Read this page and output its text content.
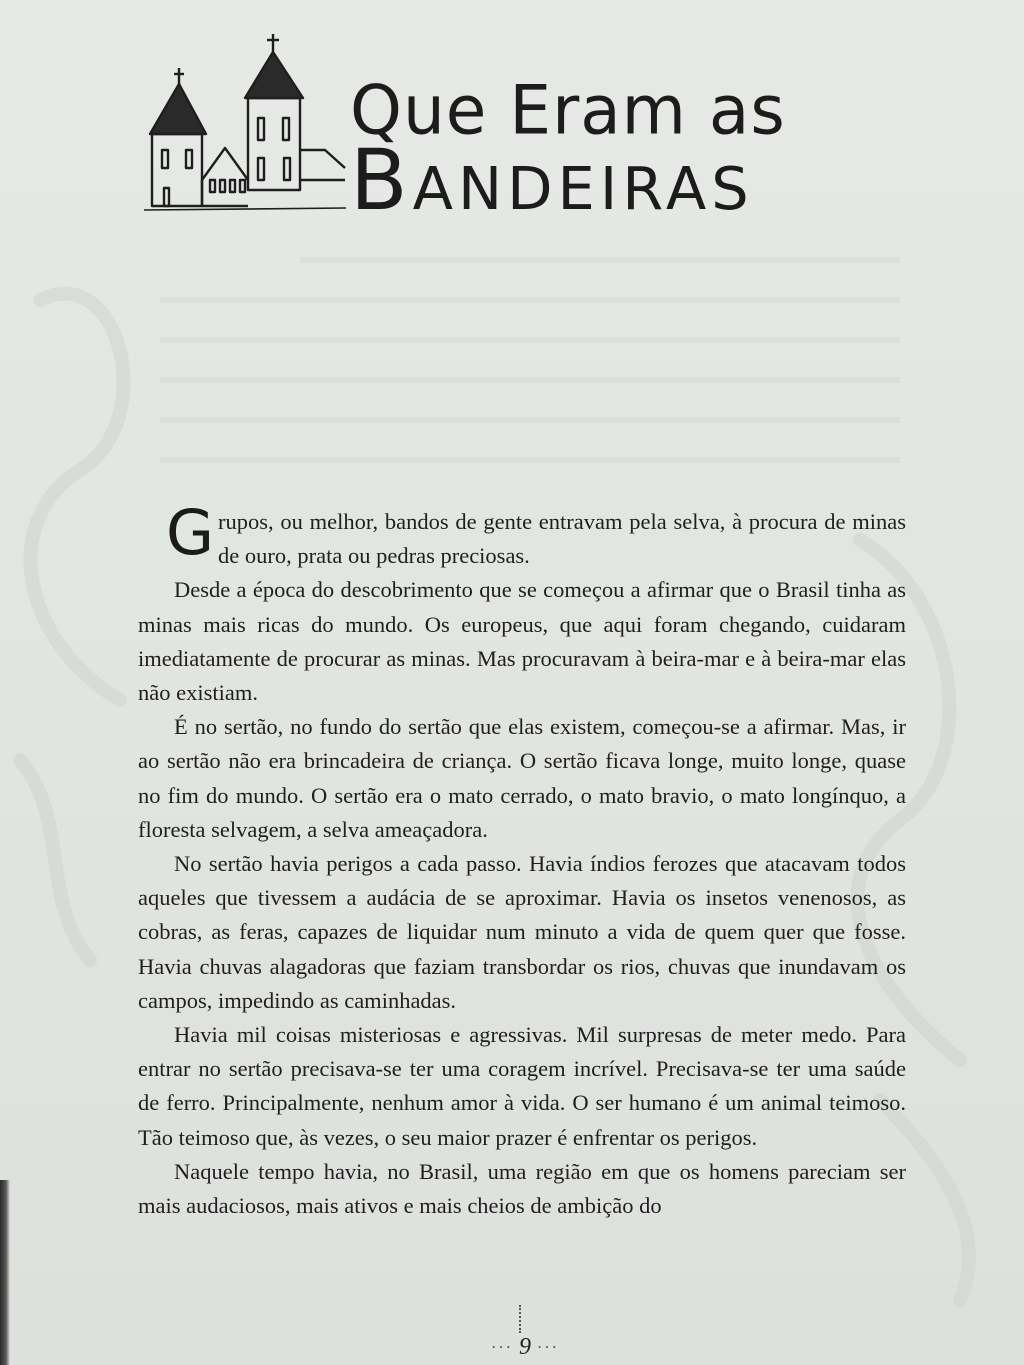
Que Eram as
Bandeiras

Grupos, ou melhor, bandos de gente entravam pela selva, à procura de minas de ouro, prata ou pedras preciosas.

Desde a época do descobrimento que se começou a afirmar que o Brasil tinha as minas mais ricas do mundo. Os europeus, que aqui foram chegando, cuidaram imediatamente de procurar as minas. Mas procuravam à beira-mar e à beira-mar elas não existiam.

É no sertão, no fundo do sertão que elas existem, começou-se a afirmar. Mas, ir ao sertão não era brincadeira de criança. O sertão ficava longe, muito longe, quase no fim do mundo. O sertão era o mato cerrado, o mato bravio, o mato longínquo, a floresta selvagem, a selva ameaçadora.

No sertão havia perigos a cada passo. Havia índios ferozes que atacavam todos aqueles que tivessem a audácia de se aproximar. Havia os insetos venenosos, as cobras, as feras, capazes de liquidar num minuto a vida de quem quer que fosse. Havia chuvas alagadoras que faziam transbordar os rios, chuvas que inundavam os campos, impedindo as caminhadas.

Havia mil coisas misteriosas e agressivas. Mil surpresas de meter medo. Para entrar no sertão precisava-se ter uma coragem incrível. Precisava-se ter uma saúde de ferro. Principalmente, nenhum amor à vida. O ser humano é um animal teimoso. Tão teimoso que, às vezes, o seu maior prazer é enfrentar os perigos.

Naquele tempo havia, no Brasil, uma região em que os homens pareciam ser mais audaciosos, mais ativos e mais cheios de ambição do

··· 9 ···
